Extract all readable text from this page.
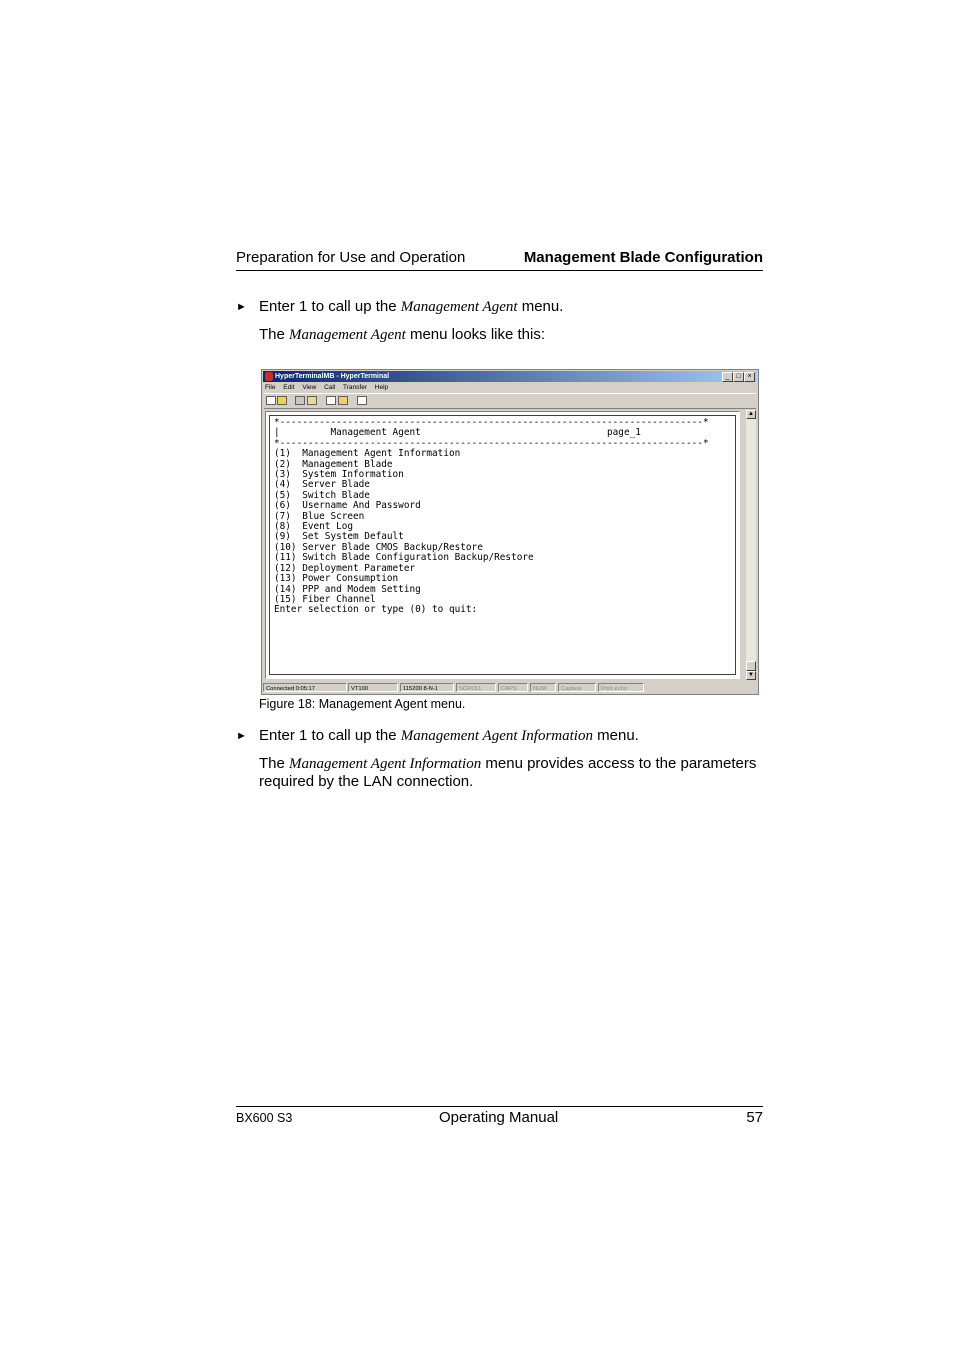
Preparation for Use and Operation	Management Blade Configuration
► Enter 1 to call up the Management Agent menu.
The Management Agent menu looks like this:
HyperTerminalMB - HyperTerminal	_ □ ×
File Edit View Call Transfer Help
*---------------------------------------------------------------------------*
|         Management Agent                                 page_1
*---------------------------------------------------------------------------*
(1)  Management Agent Information
(2)  Management Blade
(3)  System Information
(4)  Server Blade
(5)  Switch Blade
(6)  Username And Password
(7)  Blue Screen
(8)  Event Log
(9)  Set System Default
(10) Server Blade CMOS Backup/Restore
(11) Switch Blade Configuration Backup/Restore
(12) Deployment Parameter
(13) Power Consumption
(14) PPP and Modem Setting
(15) Fiber Channel
Enter selection or type (0) to quit:
▲
▼
Connected 0:05:17	VT100	115200 8-N-1	SCROLL	CAPS	NUM	Capture	Print echo
Figure 18: Management Agent menu.
► Enter 1 to call up the Management Agent Information menu.
The Management Agent Information menu provides access to the parameters required by the LAN connection.
BX600 S3	Operating Manual	57
